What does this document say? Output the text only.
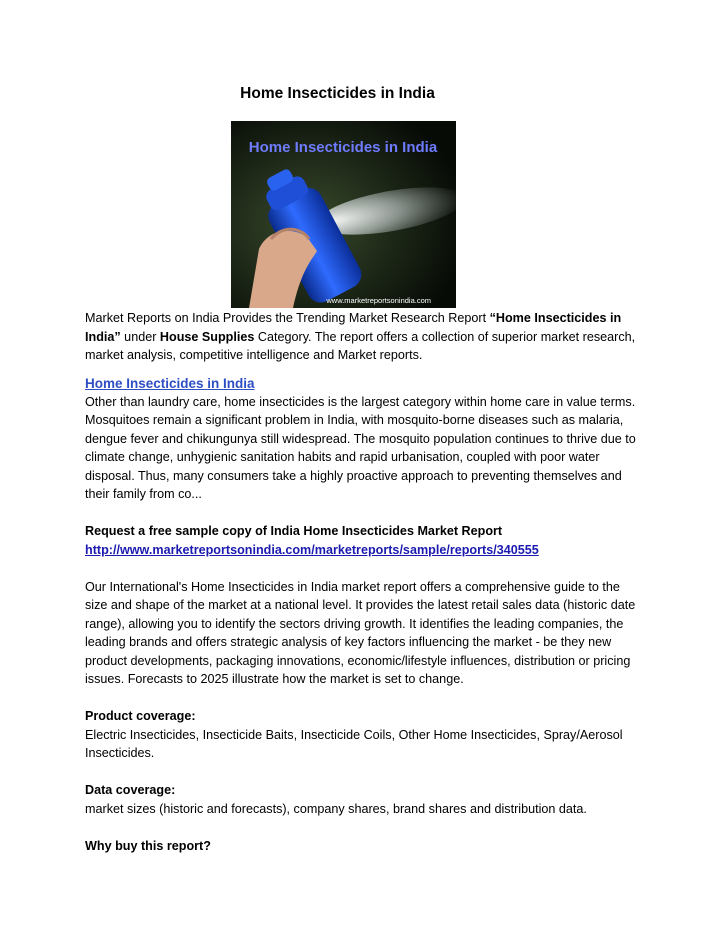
Home Insecticides in India
Home Insecticides in India
www.marketreportsonindia.com

Market Reports on India Provides the Trending Market Research Report “Home Insecticides in India” under House Supplies Category. The report offers a collection of superior market research, market analysis, competitive intelligence and Market reports.

Home Insecticides in India

Other than laundry care, home insecticides is the largest category within home care in value terms. Mosquitoes remain a significant problem in India, with mosquito-borne diseases such as malaria, dengue fever and chikungunya still widespread. The mosquito population continues to thrive due to climate change, unhygienic sanitation habits and rapid urbanisation, coupled with poor water disposal. Thus, many consumers take a highly proactive approach to preventing themselves and their family from co...

Request a free sample copy of India Home Insecticides Market Report

http://www.marketreportsonindia.com/marketreports/sample/reports/340555

Our International's Home Insecticides in India market report offers a comprehensive guide to the size and shape of the market at a national level. It provides the latest retail sales data (historic date range), allowing you to identify the sectors driving growth. It identifies the leading companies, the leading brands and offers strategic analysis of key factors influencing the market - be they new product developments, packaging innovations, economic/lifestyle influences, distribution or pricing issues. Forecasts to 2025 illustrate how the market is set to change.

Product coverage:

Electric Insecticides, Insecticide Baits, Insecticide Coils, Other Home Insecticides, Spray/Aerosol Insecticides.

Data coverage:

market sizes (historic and forecasts), company shares, brand shares and distribution data.

Why buy this report?
